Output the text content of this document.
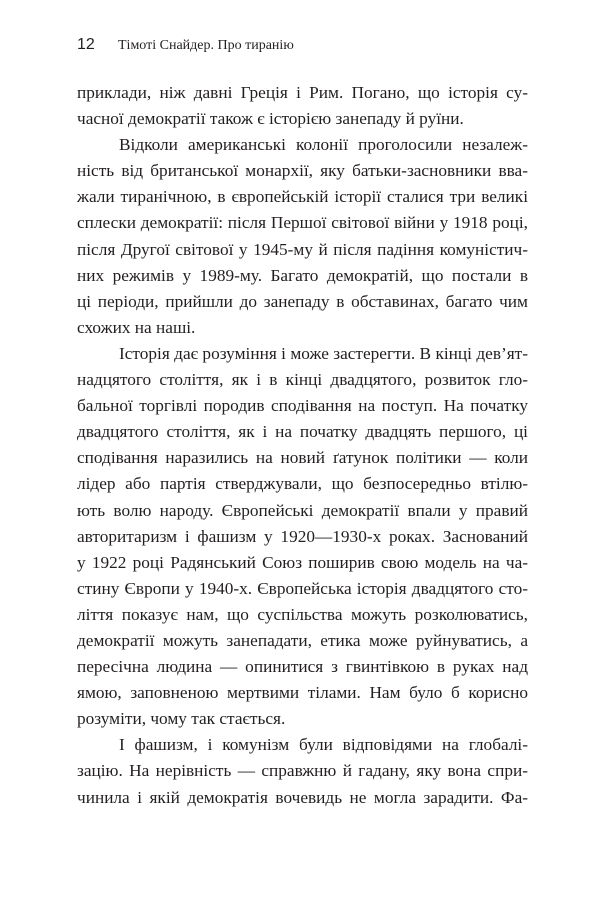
12 Тімоті Снайдер. Про тиранію
приклади, ніж давні Греція і Рим. Погано, що історія су-
часної демократії також є історією занепаду й руїни.
Відколи американські колонії проголосили незалеж-
ність від британської монархії, яку батьки-засновники вва-
жали тиранічною, в європейській історії сталися три великі
сплески демократії: після Першої світової війни у 1918 році,
після Другої світової у 1945-му й після падіння комуністич-
них режимів у 1989-му. Багато демократій, що постали в
ці періоди, прийшли до занепаду в обставинах, багато чим
схожих на наші.
Історія дає розуміння і може застерегти. В кінці дев’ят-
надцятого століття, як і в кінці двадцятого, розвиток гло-
бальної торгівлі породив сподівання на поступ. На початку
двадцятого століття, як і на початку двадцять першого, ці
сподівання наразились на новий ґатунок політики — коли
лідер або партія стверджували, що безпосередньо втілю-
ють волю народу. Європейські демократії впали у правий
авторитаризм і фашизм у 1920—1930-х роках. Заснований
у 1922 році Радянський Союз поширив свою модель на ча-
стину Європи у 1940-х. Європейська історія двадцятого сто-
ліття показує нам, що суспільства можуть розколюватись,
демократії можуть занепадати, етика може руйнуватись, а
пересічна людина — опинитися з гвинтівкою в руках над
ямою, заповненою мертвими тілами. Нам було б корисно
розуміти, чому так стається.
І фашизм, і комунізм були відповідями на глобалі-
зацію. На нерівність — справжню й гадану, яку вона спри-
чинила і якій демократія вочевидь не могла зарадити. Фа-
